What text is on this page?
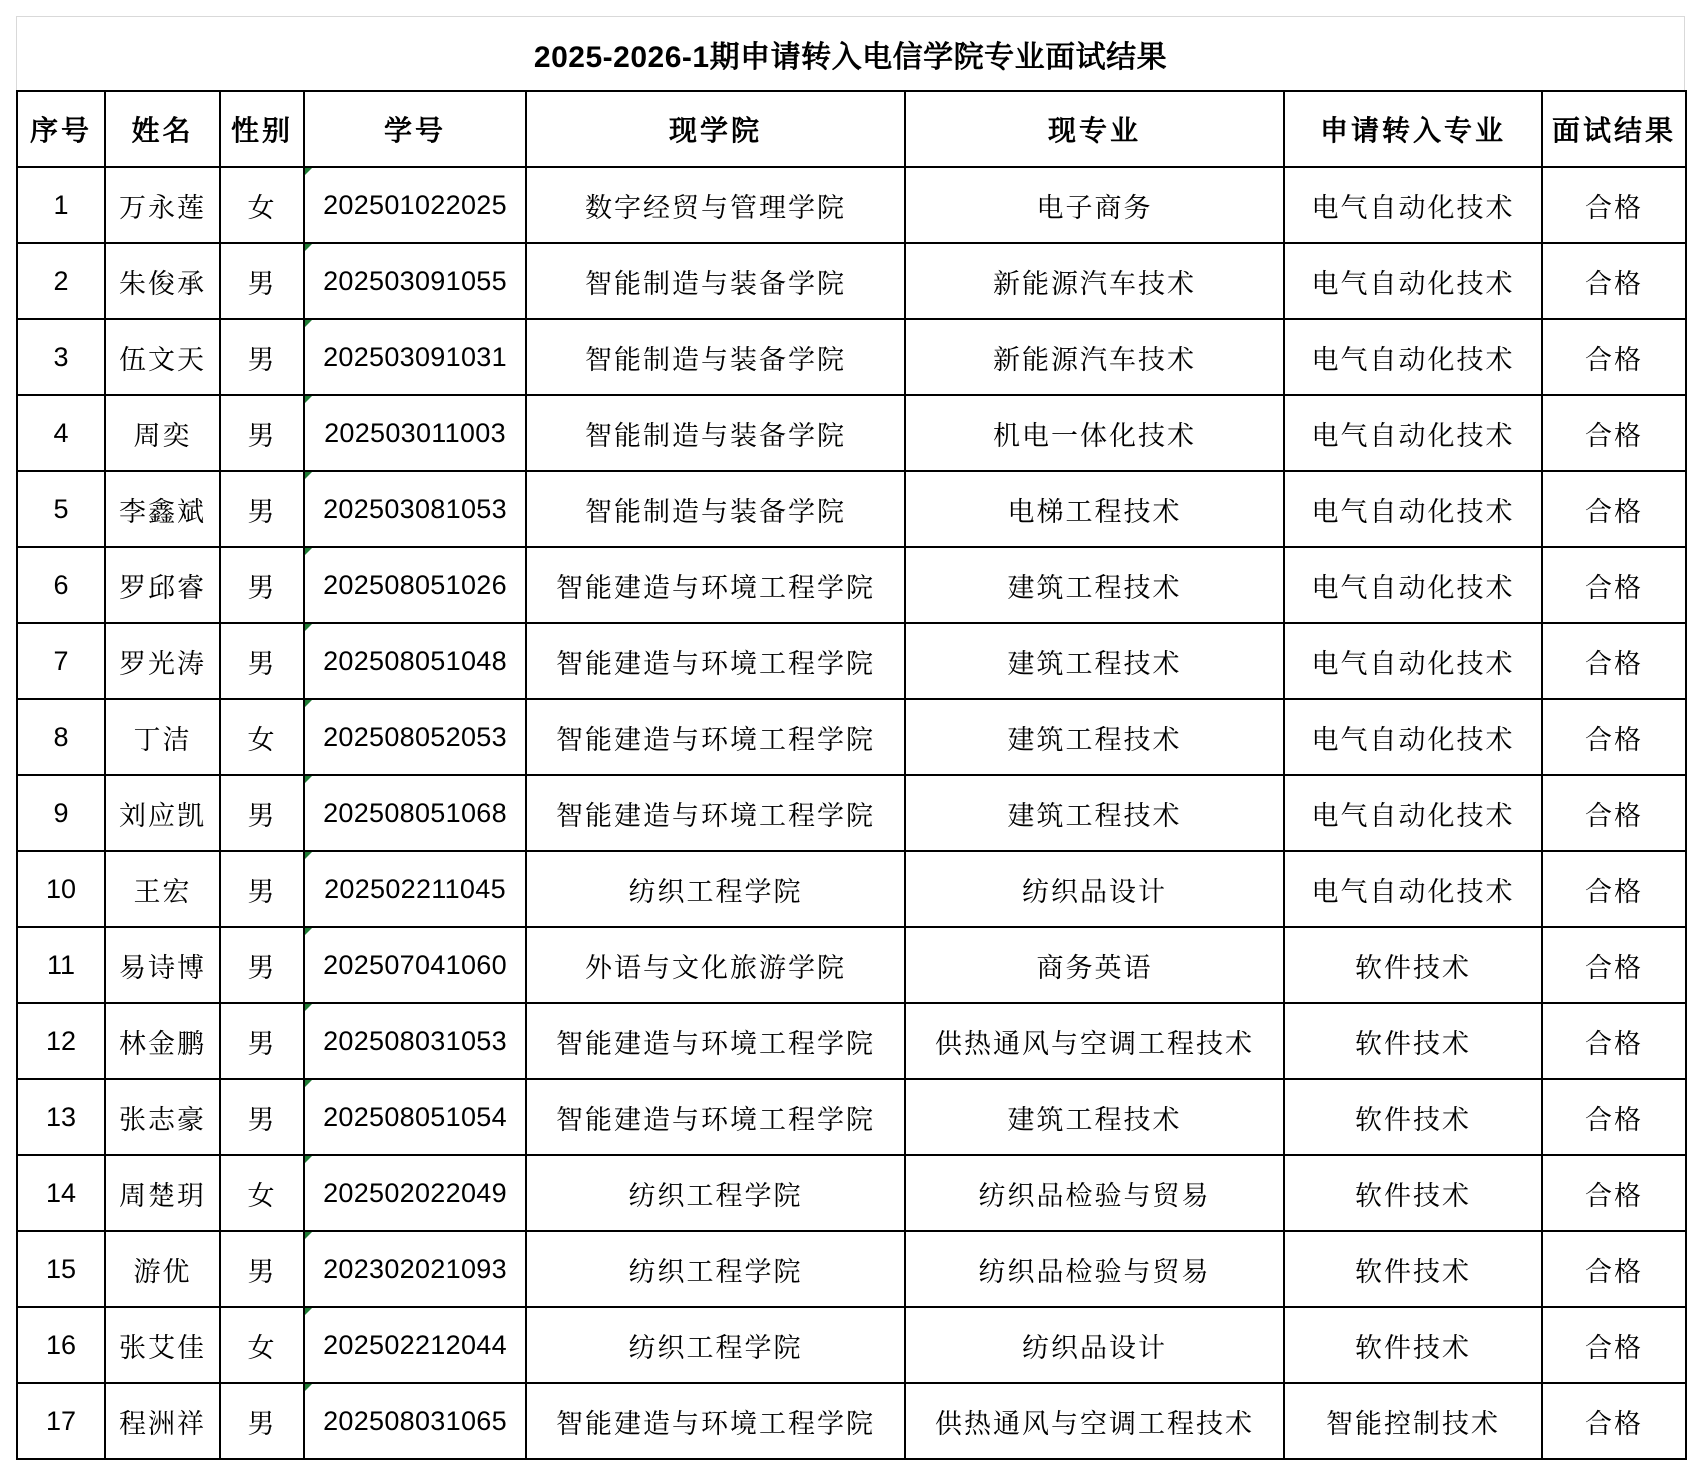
2025-2026-1期申请转入电信学院专业面试结果
序号	姓名	性别	学号	现学院	现专业	申请转入专业	面试结果
1	万永莲	女	202501022025	数字经贸与管理学院	电子商务	电气自动化技术	合格
2	朱俊承	男	202503091055	智能制造与装备学院	新能源汽车技术	电气自动化技术	合格
3	伍文天	男	202503091031	智能制造与装备学院	新能源汽车技术	电气自动化技术	合格
4	周奕	男	202503011003	智能制造与装备学院	机电一体化技术	电气自动化技术	合格
5	李鑫斌	男	202503081053	智能制造与装备学院	电梯工程技术	电气自动化技术	合格
6	罗邱睿	男	202508051026	智能建造与环境工程学院	建筑工程技术	电气自动化技术	合格
7	罗光涛	男	202508051048	智能建造与环境工程学院	建筑工程技术	电气自动化技术	合格
8	丁洁	女	202508052053	智能建造与环境工程学院	建筑工程技术	电气自动化技术	合格
9	刘应凯	男	202508051068	智能建造与环境工程学院	建筑工程技术	电气自动化技术	合格
10	王宏	男	202502211045	纺织工程学院	纺织品设计	电气自动化技术	合格
11	易诗博	男	202507041060	外语与文化旅游学院	商务英语	软件技术	合格
12	林金鹏	男	202508031053	智能建造与环境工程学院	供热通风与空调工程技术	软件技术	合格
13	张志豪	男	202508051054	智能建造与环境工程学院	建筑工程技术	软件技术	合格
14	周楚玥	女	202502022049	纺织工程学院	纺织品检验与贸易	软件技术	合格
15	游优	男	202302021093	纺织工程学院	纺织品检验与贸易	软件技术	合格
16	张艾佳	女	202502212044	纺织工程学院	纺织品设计	软件技术	合格
17	程洲祥	男	202508031065	智能建造与环境工程学院	供热通风与空调工程技术	智能控制技术	合格
